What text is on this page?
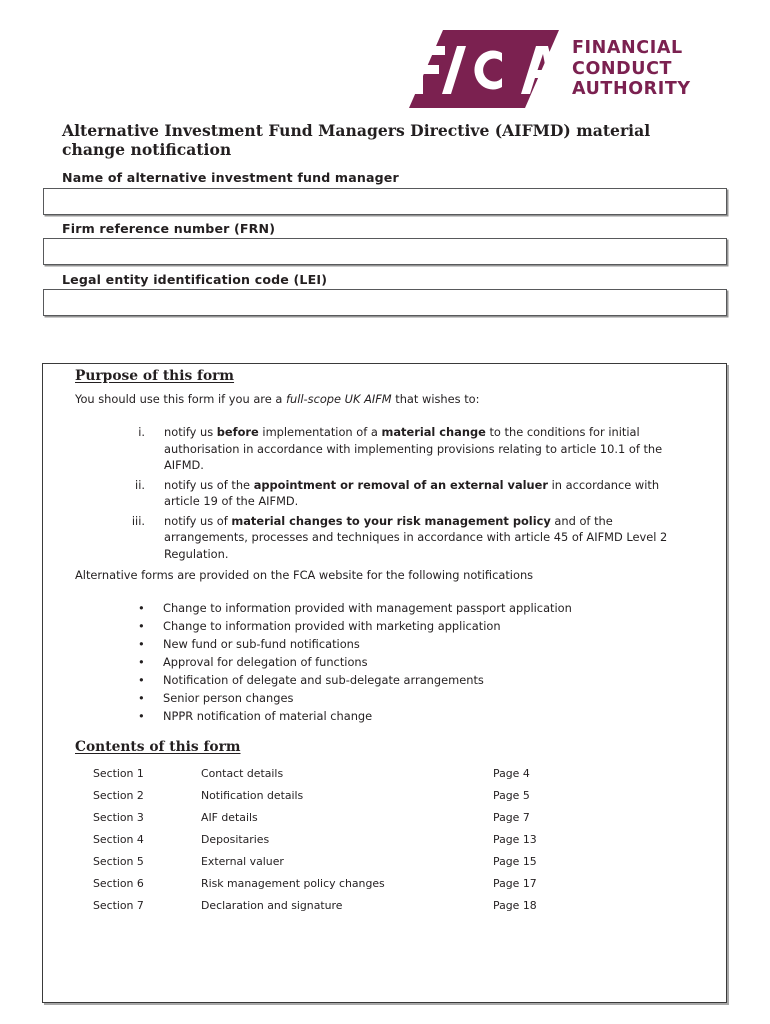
FINANCIAL
CONDUCT
AUTHORITY
Alternative Investment Fund Managers Directive (AIFMD) material change notification
Name of alternative investment fund manager
Firm reference number (FRN)
Legal entity identification code (LEI)
Purpose of this form
You should use this form if you are a full-scope UK AIFM that wishes to:
i. notify us before implementation of a material change to the conditions for initial authorisation in accordance with implementing provisions relating to article 10.1 of the AIFMD.
ii. notify us of the appointment or removal of an external valuer in accordance with article 19 of the AIFMD.
iii. notify us of material changes to your risk management policy and of the arrangements, processes and techniques in accordance with article 45 of AIFMD Level 2 Regulation.
Alternative forms are provided on the FCA website for the following notifications
• Change to information provided with management passport application
• Change to information provided with marketing application
• New fund or sub-fund notifications
• Approval for delegation of functions
• Notification of delegate and sub-delegate arrangements
• Senior person changes
• NPPR notification of material change
Contents of this form
Section 1	Contact details	Page 4
Section 2	Notification details	Page 5
Section 3	AIF details	Page 7
Section 4	Depositaries	Page 13
Section 5	External valuer	Page 15
Section 6	Risk management policy changes	Page 17
Section 7	Declaration and signature	Page 18
